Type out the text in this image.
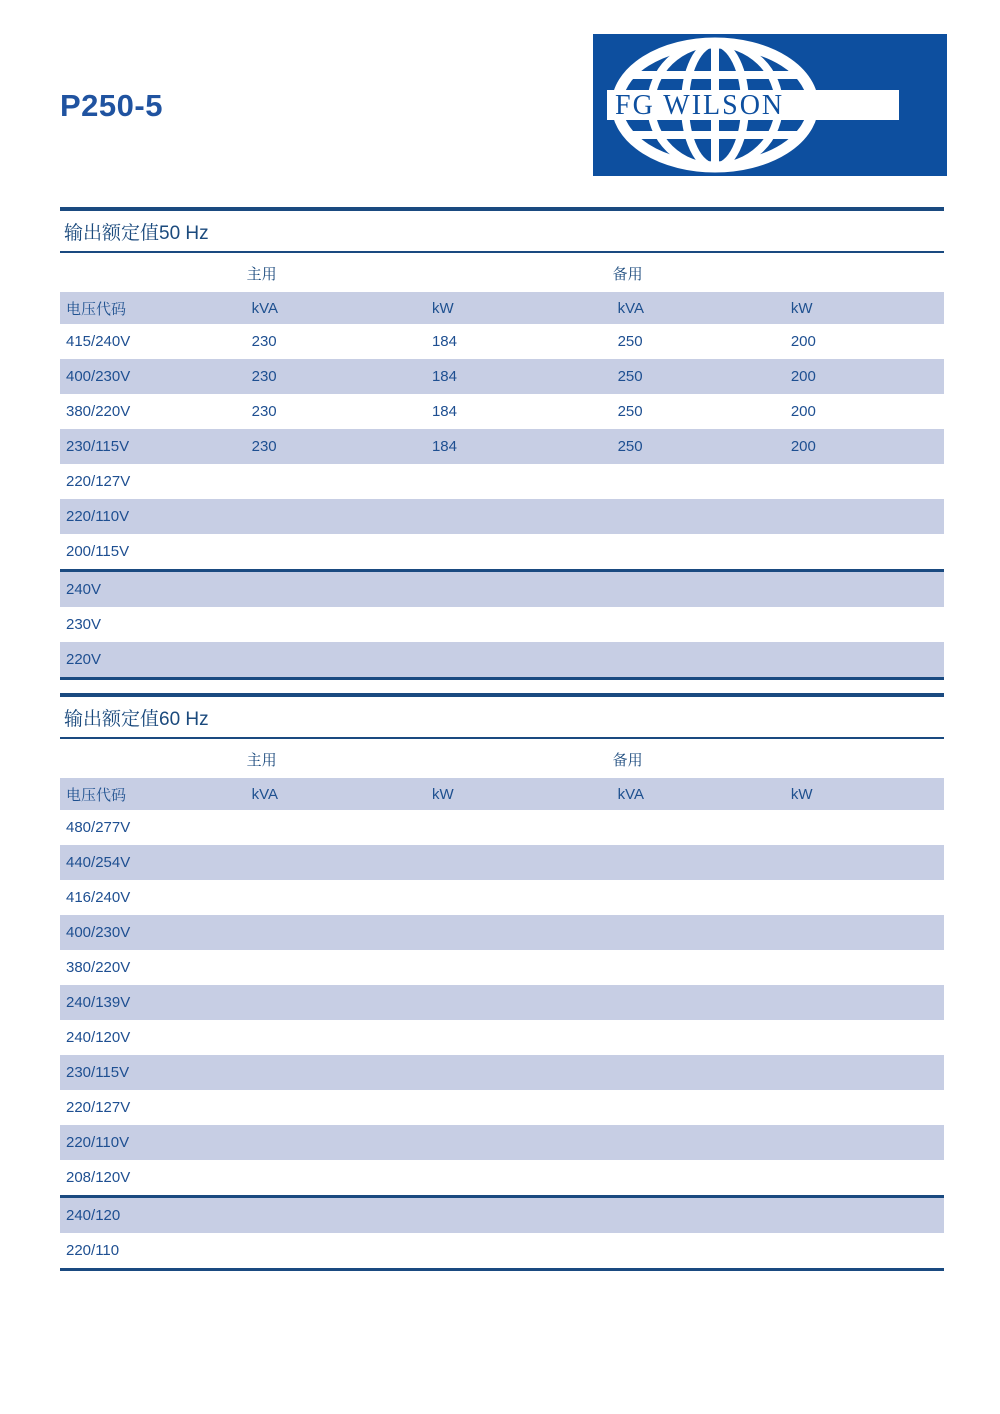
P250-5	FG WILSON
输出额定值50 Hz
	主用		备用	
电压代码	kVA	kW	kVA	kW
415/240V	230	184	250	200
400/230V	230	184	250	200
380/220V	230	184	250	200
230/115V	230	184	250	200
220/127V				
220/110V				
200/115V				
240V				
230V				
220V				
输出额定值60 Hz
	主用		备用	
电压代码	kVA	kW	kVA	kW
480/277V				
440/254V				
416/240V				
400/230V				
380/220V				
240/139V				
240/120V				
230/115V				
220/127V				
220/110V				
208/120V				
240/120				
220/110				
